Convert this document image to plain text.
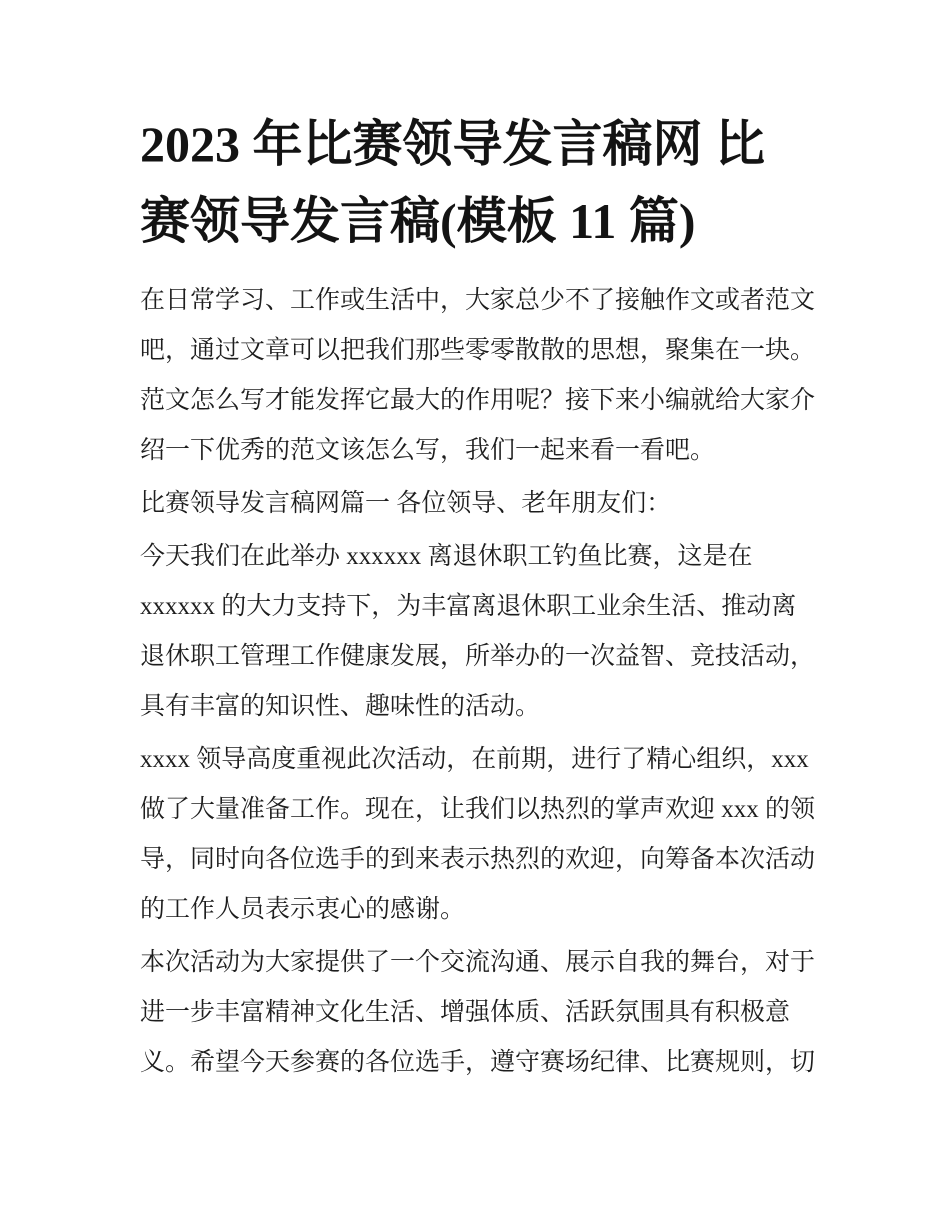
2023 年比赛领导发言稿网 比
赛领导发言稿(模板 11 篇)

在日常学习、工作或生活中，大家总少不了接触作文或者范文
吧，通过文章可以把我们那些零零散散的思想，聚集在一块。
范文怎么写才能发挥它最大的作用呢？接下来小编就给大家介
绍一下优秀的范文该怎么写，我们一起来看一看吧。

比赛领导发言稿网篇一 各位领导、老年朋友们：

今天我们在此举办 xxxxxx 离退休职工钓鱼比赛，这是在
xxxxxx 的大力支持下，为丰富离退休职工业余生活、推动离
退休职工管理工作健康发展，所举办的一次益智、竞技活动，
具有丰富的知识性、趣味性的活动。

xxxx 领导高度重视此次活动，在前期，进行了精心组织，xxx
做了大量准备工作。现在，让我们以热烈的掌声欢迎 xxx 的领
导，同时向各位选手的到来表示热烈的欢迎，向筹备本次活动
的工作人员表示衷心的感谢。

本次活动为大家提供了一个交流沟通、展示自我的舞台，对于
进一步丰富精神文化生活、增强体质、活跃氛围具有积极意
义。希望今天参赛的各位选手，遵守赛场纪律、比赛规则，切
